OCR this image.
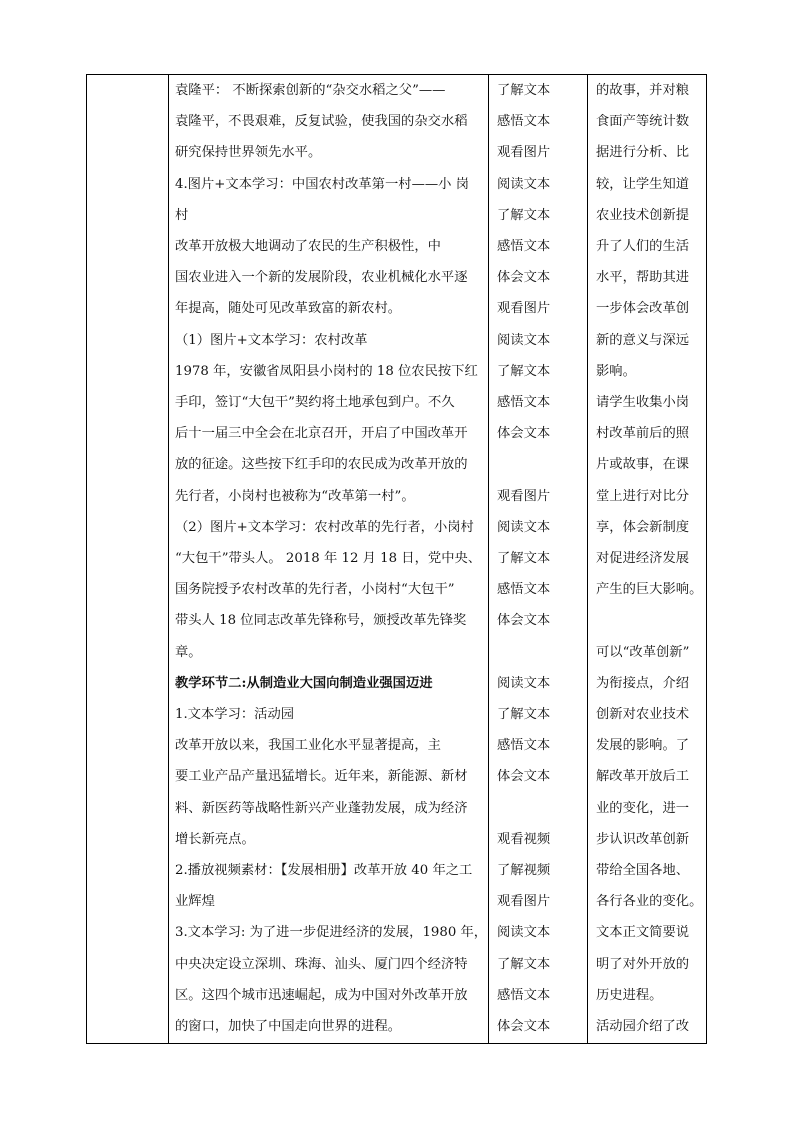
袁隆平： 不断探索创新的“杂交水稻之父”——
袁隆平，不畏艰难，反复试验，使我国的杂交水稻
研究保持世界领先水平。
4.图片+文本学习：中国农村改革第一村——小 岗
村
改革开放极大地调动了农民的生产积极性，中
国农业进入一个新的发展阶段，农业机械化水平逐
年提高，随处可见改革致富的新农村。
（1）图片+文本学习：农村改革
1978 年，安徽省凤阳县小岗村的 18 位农民按下红
手印，签订“大包干”契约将土地承包到户。不久
后十一届三中全会在北京召开，开启了中国改革开
放的征途。这些按下红手印的农民成为改革开放的
先行者，小岗村也被称为“改革第一村”。
（2）图片+文本学习：农村改革的先行者，小岗村
“大包干”带头人。 2018 年 12 月 18 日，党中央、
国务院授予农村改革的先行者，小岗村“大包干”
带头人 18 位同志改革先锋称号，颁授改革先锋奖
章。
教学环节二:从制造业大国向制造业强国迈进
1.文本学习：活动园
改革开放以来，我国工业化水平显著提高，主
要工业产品产量迅猛增长。近年来，新能源、新材
料、新医药等战略性新兴产业蓬勃发展，成为经济
增长新亮点。
2.播放视频素材：【发展相册】改革开放 40 年之工
业辉煌
3.文本学习: 为了进一步促进经济的发展，1980 年，
中央决定设立深圳、珠海、汕头、厦门四个经济特
区。这四个城市迅速崛起，成为中国对外改革开放
的窗口，加快了中国走向世界的进程。
了解文本
感悟文本
观看图片
阅读文本
了解文本
感悟文本
体会文本
观看图片
阅读文本
了解文本
感悟文本
体会文本
观看图片
阅读文本
了解文本
感悟文本
体会文本
阅读文本
了解文本
感悟文本
体会文本
观看视频
了解视频
观看图片
阅读文本
了解文本
感悟文本
体会文本
的故事，并对粮
食面产等统计数
据进行分析、比
较，让学生知道
农业技术创新提
升了人们的生活
水平，帮助其进
一步体会改革创
新的意义与深远
影响。
请学生收集小岗
村改革前后的照
片或故事，在课
堂上进行对比分
享，体会新制度
对促进经济发展
产生的巨大影响。
可以“改革创新”
为衔接点，介绍
创新对农业技术
发展的影响。了
解改革开放后工
业的变化，进一
步认识改革创新
带给全国各地、
各行各业的变化。
文本正文简要说
明了对外开放的
历史进程。
活动园介绍了改
